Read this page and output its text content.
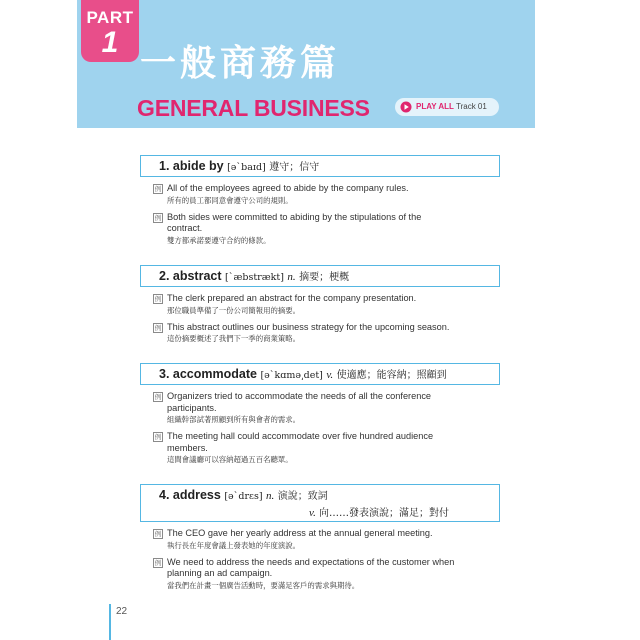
PART
1
一般商務篇
GENERAL BUSINESS	PLAY ALL Track 01
1. abide by [əˋbaɪd] 遵守；信守
例 All of the employees agreed to abide by the company rules.
所有的員工都同意會遵守公司的規則。
例 Both sides were committed to abiding by the stipulations of the
contract.
雙方都承諾要遵守合約的條款。
2. abstract [ˋæbstrækt] n. 摘要；梗概
例 The clerk prepared an abstract for the company presentation.
那位職員準備了一份公司簡報用的摘要。
例 This abstract outlines our business strategy for the upcoming season.
這份摘要概述了我們下一季的商業策略。
3. accommodate [əˋkɑmə͵det] v. 使適應；能容納；照顧到
例 Organizers tried to accommodate the needs of all the conference
participants.
組織幹部試著照顧到所有與會者的需求。
例 The meeting hall could accommodate over five hundred audience
members.
這間會議廳可以容納超過五百名聽眾。
4. address [əˋdrɛs] n. 演說；致詞
v. 向……發表演說；滿足；對付
例 The CEO gave her yearly address at the annual general meeting.
執行長在年度會議上發表她的年度演說。
例 We need to address the needs and expectations of the customer when
planning an ad campaign.
當我們在計畫一個廣告活動時，要滿足客戶的需求與期待。
22
